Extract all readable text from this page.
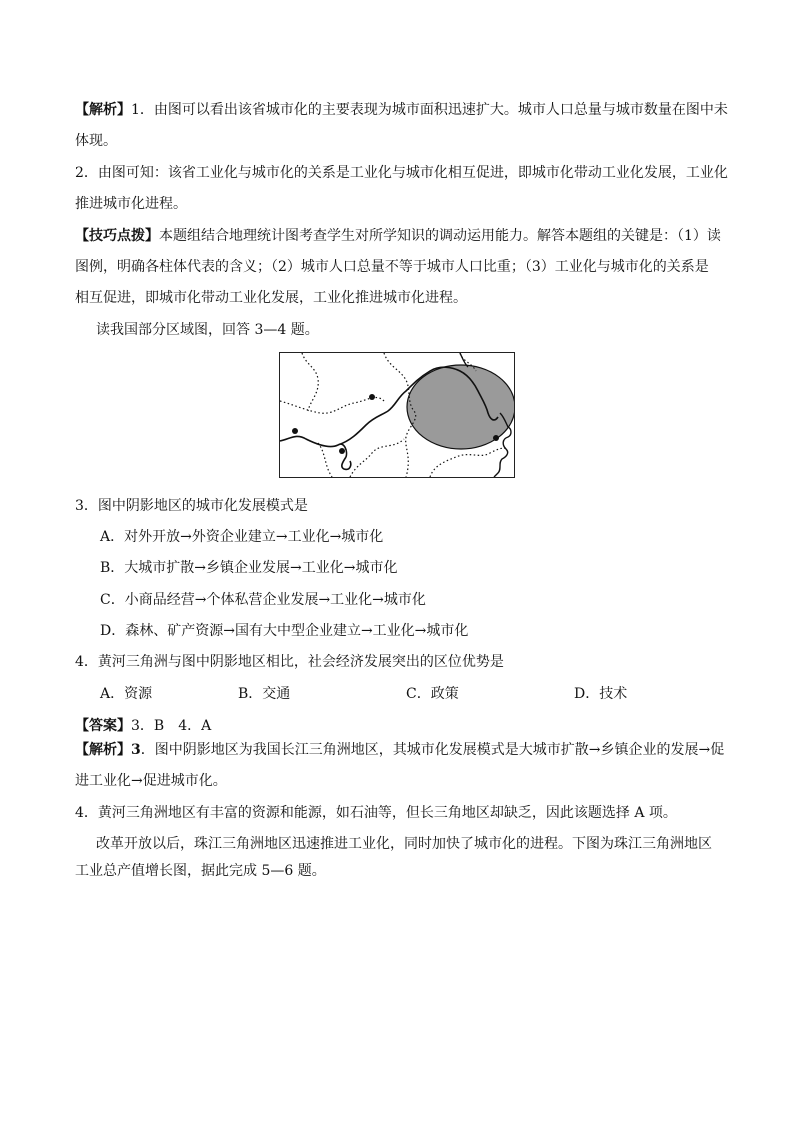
【解析】1．由图可以看出该省城市化的主要表现为城市面积迅速扩大。城市人口总量与城市数量在图中未
体现。
2．由图可知：该省工业化与城市化的关系是工业化与城市化相互促进，即城市化带动工业化发展，工业化
推进城市化进程。
【技巧点拨】本题组结合地理统计图考查学生对所学知识的调动运用能力。解答本题组的关键是：（1）读
图例，明确各柱体代表的含义；（2）城市人口总量不等于城市人口比重；（3）工业化与城市化的关系是
相互促进，即城市化带动工业化发展，工业化推进城市化进程。
读我国部分区域图，回答 3—4 题。
3．图中阴影地区的城市化发展模式是
A．对外开放→外资企业建立→工业化→城市化
B．大城市扩散→乡镇企业发展→工业化→城市化
C．小商品经营→个体私营企业发展→工业化→城市化
D．森林、矿产资源→国有大中型企业建立→工业化→城市化
4．黄河三角洲与图中阴影地区相比，社会经济发展突出的区位优势是
A．资源	B．交通	C．政策	D．技术
【答案】3．B　4．A
【解析】3．图中阴影地区为我国长江三角洲地区，其城市化发展模式是大城市扩散→乡镇企业的发展→促
进工业化→促进城市化。
4．黄河三角洲地区有丰富的资源和能源，如石油等，但长三角地区却缺乏，因此该题选择 A 项。
改革开放以后，珠江三角洲地区迅速推进工业化，同时加快了城市化的进程。下图为珠江三角洲地区
工业总产值增长图，据此完成 5—6 题。
